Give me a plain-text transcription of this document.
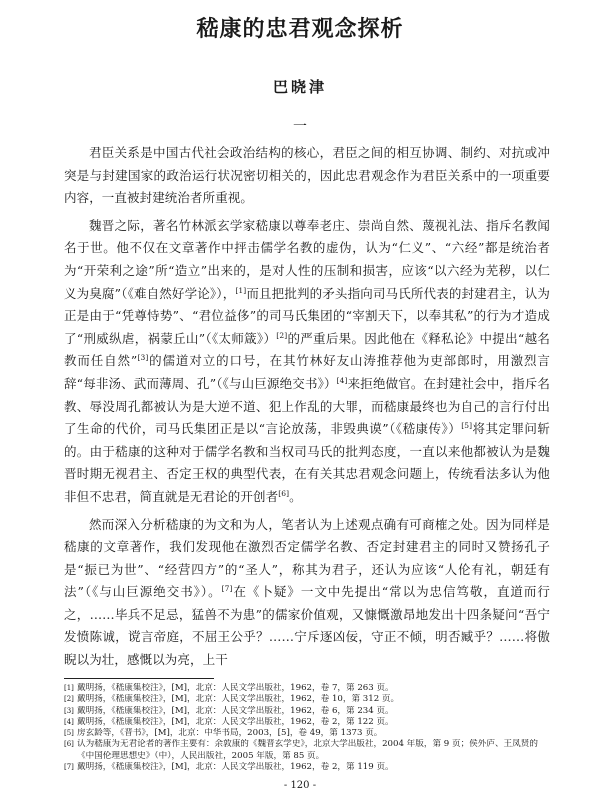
嵇康的忠君观念探析
巴晓津
一

君臣关系是中国古代社会政治结构的核心，君臣之间的相互协调、制约、对抗或冲突是与封建国家的政治运行状况密切相关的，因此忠君观念作为君臣关系中的一项重要内容，一直被封建统治者所重视。

魏晋之际，著名竹林派玄学家嵇康以尊奉老庄、崇尚自然、蔑视礼法、指斥名教闻名于世。他不仅在文章著作中抨击儒学名教的虚伪，认为“仁义”、“六经”都是统治者为“开荣利之途”所“造立”出来的，是对人性的压制和损害，应该“以六经为芜秽，以仁义为臭腐”（《难自然好学论》），[1]而且把批判的矛头指向司马氏所代表的封建君主，认为正是由于“凭尊恃势”、“君位益侈”的司马氏集团的“宰割天下，以奉其私”的行为才造成了“刑威纵虐，祸蒙丘山”（《太师箴》）[2]的严重后果。因此他在《释私论》中提出“越名教而任自然”[3]的儒道对立的口号，在其竹林好友山涛推荐他为吏部郎时，用激烈言辞“每非汤、武而薄周、孔”（《与山巨源绝交书》）[4]来拒绝做官。在封建社会中，指斥名教、辱没周孔都被认为是大逆不道、犯上作乱的大罪，而嵇康最终也为自己的言行付出了生命的代价，司马氏集团正是以“言论放荡，非毁典谟”（《嵇康传》）[5]将其定罪问斩的。由于嵇康的这种对于儒学名教和当权司马氏的批判态度，一直以来他都被认为是魏晋时期无视君主、否定王权的典型代表，在有关其忠君观念问题上，传统看法多认为他非但不忠君，简直就是无君论的开创者[6]。

然而深入分析嵇康的为文和为人，笔者认为上述观点确有可商榷之处。因为同样是嵇康的文章著作，我们发现他在激烈否定儒学名教、否定封建君主的同时又赞扬孔子是“振已为世”、“经营四方”的“圣人”，称其为君子，还认为应该“人伦有礼，朝廷有法”（《与山巨源绝交书》）。[7]在《卜疑》一文中先提出“常以为忠信笃敬，直道而行之，……毕兵不足忌，猛兽不为患”的儒家价值观，又慷慨激昂地发出十四条疑问“吾宁发愤陈诚，谠言帝庭，不屈王公乎？……宁斥逐凶佞，守正不倾，明否臧乎？……将傲睨以为壮，感慨以为亮，上干

[1] 戴明扬，《嵇康集校注》，[M]，北京：人民文学出版社，1962，卷 7，第 263 页。
[2] 戴明扬，《嵇康集校注》，[M]，北京：人民文学出版社，1962，卷 10，第 312 页。
[3] 戴明扬，《嵇康集校注》，[M]，北京：人民文学出版社，1962，卷 6，第 234 页。
[4] 戴明扬，《嵇康集校注》，[M]，北京：人民文学出版社，1962，卷 2，第 122 页。
[5] 房玄龄等，《晋书》，[M]，北京：中华书局，2003，[5]，卷 49，第 1373 页。
[6] 认为嵇康为无君论者的著作主要有：余敦康的《魏晋玄学史》，北京大学出版社，2004 年版，第 9 页；侯外庐、王凤贤的
《中国伦理思想史》（中），人民出版社，2005 年版，第 85 页。
[7] 戴明扬，《嵇康集校注》，[M]，北京：人民文学出版社，1962，卷 2，第 119 页。
- 120 -
